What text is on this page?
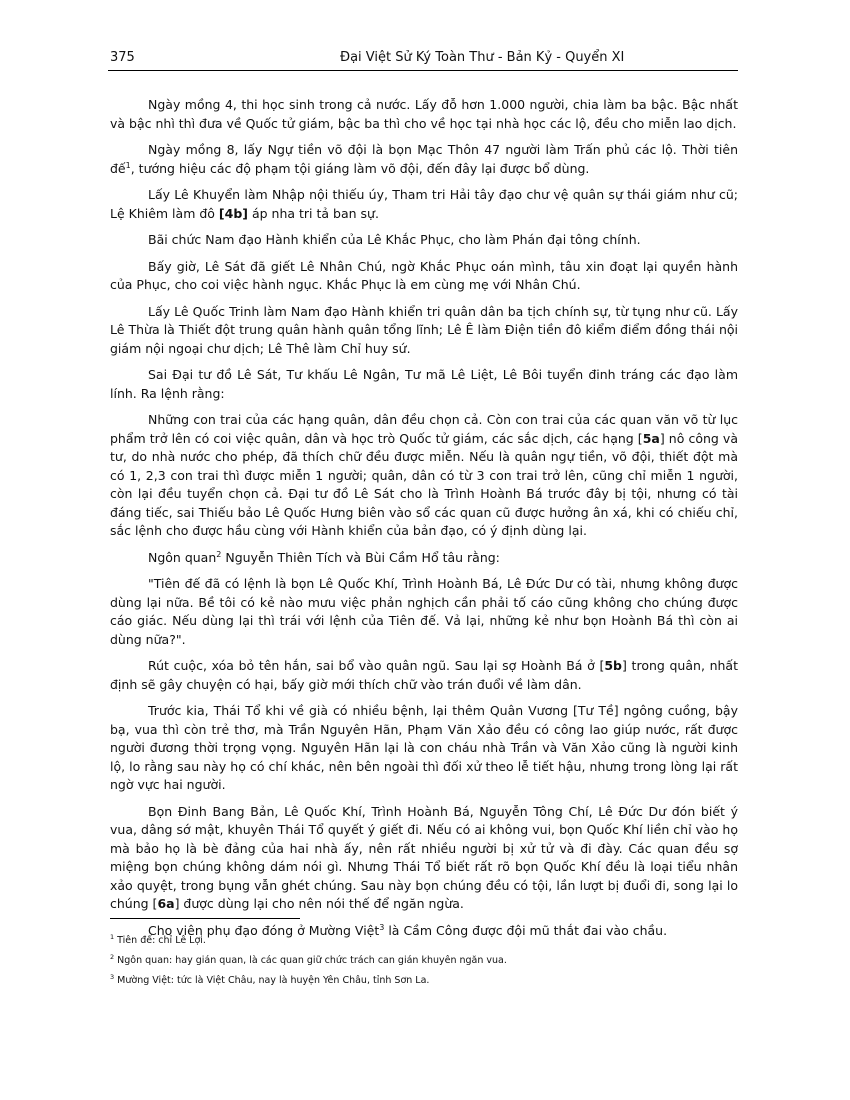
375	Đại Việt Sử Ký Toàn Thư - Bản Kỷ - Quyển XI

Ngày mồng 4, thi học sinh trong cả nước. Lấy đỗ hơn 1.000 người, chia làm ba bậc. Bậc nhất và bậc nhì thì đưa về Quốc tử giám, bậc ba thì cho về học tại nhà học các lộ, đều cho miễn lao dịch.

Ngày mồng 8, lấy Ngự tiền võ đội là bọn Mạc Thôn 47 người làm Trấn phủ các lộ. Thời tiên đế$^1$, tướng hiệu các độ phạm tội giáng làm võ đội, đến đây lại được bổ dùng.

Lấy Lê Khuyển làm Nhập nội thiếu úy, Tham tri Hải tây đạo chư vệ quân sự thái giám như cũ; Lệ Khiêm làm đô [4b] áp nha tri tả ban sự.

Bãi chức Nam đạo Hành khiển của Lê Khắc Phục, cho làm Phán đại tông chính.

Bấy giờ, Lê Sát đã giết Lê Nhân Chú, ngờ Khắc Phục oán mình, tâu xin đoạt lại quyền hành của Phục, cho coi việc hành ngục. Khắc Phục là em cùng mẹ với Nhân Chú.

Lấy Lê Quốc Trinh làm Nam đạo Hành khiển tri quân dân ba tịch chính sự, từ tụng như cũ. Lấy Lê Thừa là Thiết đột trung quân hành quân tổng lĩnh; Lê Ê làm Điện tiền đô kiểm điểm đồng thái nội giám nội ngoại chư dịch; Lê Thê làm Chỉ huy sứ.

Sai Đại tư đồ Lê Sát, Tư khấu Lê Ngân, Tư mã Lê Liệt, Lê Bôi tuyển đinh tráng các đạo làm lính. Ra lệnh rằng:

Những con trai của các hạng quân, dân đều chọn cả. Còn con trai của các quan văn võ từ lục phẩm trở lên có coi việc quân, dân và học trò Quốc tử giám, các sắc dịch, các hạng [5a] nô công và tư, do nhà nước cho phép, đã thích chữ đều được miễn. Nếu là quân ngự tiền, võ đội, thiết đột mà có 1, 2,3 con trai thì được miễn 1 người; quân, dân có từ 3 con trai trở lên, cũng chỉ miễn 1 người, còn lại đều tuyển chọn cả. Đại tư đồ Lê Sát cho là Trình Hoành Bá trước đây bị tội, nhưng có tài đáng tiếc, sai Thiếu bảo Lê Quốc Hưng biên vào sổ các quan cũ được hưởng ân xá, khi có chiếu chỉ, sắc lệnh cho được hầu cùng với Hành khiển của bản đạo, có ý định dùng lại.

Ngôn quan$^2$ Nguyễn Thiên Tích và Bùi Cầm Hổ tâu rằng:

"Tiên đế đã có lệnh là bọn Lê Quốc Khí, Trình Hoành Bá, Lê Đức Dư có tài, nhưng không được dùng lại nữa. Bề tôi có kẻ nào mưu việc phản nghịch cần phải tố cáo cũng không cho chúng được cáo giác. Nếu dùng lại thì trái với lệnh của Tiên đế. Vả lại, những kẻ như bọn Hoành Bá thì còn ai dùng nữa?".

Rút cuộc, xóa bỏ tên hắn, sai bổ vào quân ngũ. Sau lại sợ Hoành Bá ở [5b] trong quân, nhất định sẽ gây chuyện có hại, bấy giờ mới thích chữ vào trán đuổi về làm dân.

Trước kia, Thái Tổ khi về già có nhiều bệnh, lại thêm Quân Vương [Tư Tề] ngông cuồng, bậy bạ, vua thì còn trẻ thơ, mà Trần Nguyên Hãn, Phạm Văn Xảo đều có công lao giúp nước, rất được người đương thời trọng vọng. Nguyên Hãn lại là con cháu nhà Trần và Văn Xảo cũng là người kinh lộ, lo rằng sau này họ có chí khác, nên bên ngoài thì đối xử theo lễ tiết hậu, nhưng trong lòng lại rất ngờ vực hai người.

Bọn Đinh Bang Bản, Lê Quốc Khí, Trình Hoành Bá, Nguyễn Tông Chí, Lê Đức Dư đón biết ý vua, dâng sớ mật, khuyên Thái Tổ quyết ý giết đi. Nếu có ai không vui, bọn Quốc Khí liền chỉ vào họ mà bảo họ là bè đảng của hai nhà ấy, nên rất nhiều người bị xử tử và đi đày. Các quan đều sợ miệng bọn chúng không dám nói gì. Nhưng Thái Tổ biết rất rõ bọn Quốc Khí đều là loại tiểu nhân xảo quyệt, trong bụng vẫn ghét chúng. Sau này bọn chúng đều có tội, lần lượt bị đuổi đi, song lại lo chúng [6a] được dùng lại cho nên nói thế để ngăn ngừa.

Cho viên phụ đạo đóng ở Mường Việt$^3$ là Cầm Công được đội mũ thắt đai vào chầu.

$^1$ Tiên đế: chỉ Lê Lợi.

$^2$ Ngôn quan: hay gián quan, là các quan giữ chức trách can gián khuyên ngăn vua.

$^3$ Mường Việt: tức là Việt Châu, nay là huyện Yên Châu, tỉnh Sơn La.
